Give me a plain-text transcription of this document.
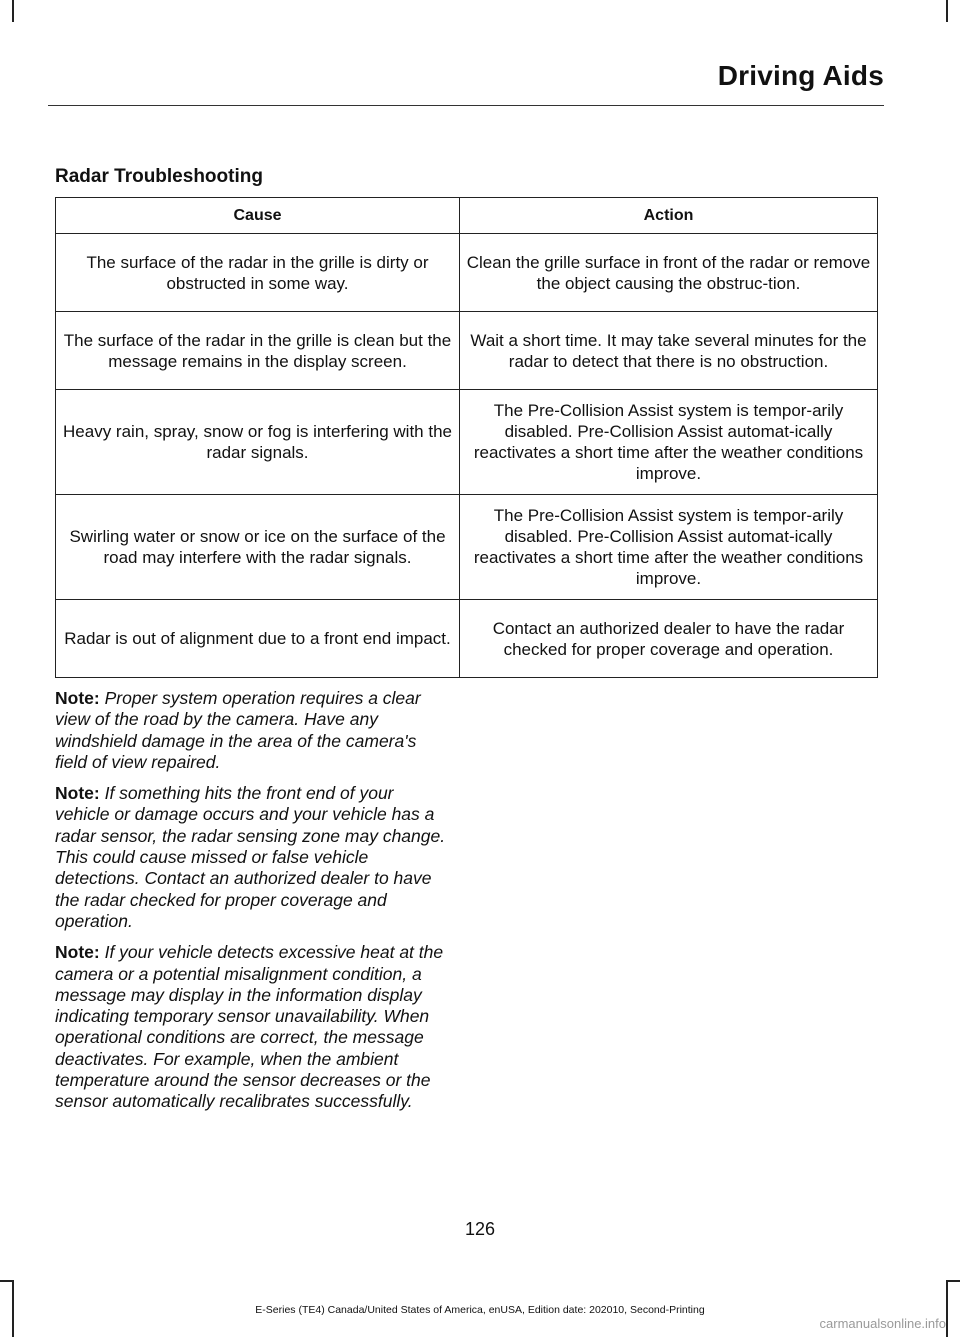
Driving Aids
Radar Troubleshooting
Cause	Action
The surface of the radar in the grille is dirty or obstructed in some way.	Clean the grille surface in front of the radar or remove the object causing the obstruc-tion.
The surface of the radar in the grille is clean but the message remains in the display screen.	Wait a short time. It may take several minutes for the radar to detect that there is no obstruction.
Heavy rain, spray, snow or fog is interfering with the radar signals.	The Pre-Collision Assist system is tempor-arily disabled. Pre-Collision Assist automat-ically reactivates a short time after the weather conditions improve.
Swirling water or snow or ice on the surface of the road may interfere with the radar signals.	The Pre-Collision Assist system is tempor-arily disabled. Pre-Collision Assist automat-ically reactivates a short time after the weather conditions improve.
Radar is out of alignment due to a front end impact.	Contact an authorized dealer to have the radar checked for proper coverage and operation.

Note: Proper system operation requires a clear view of the road by the camera. Have any windshield damage in the area of the camera's field of view repaired.

Note: If something hits the front end of your vehicle or damage occurs and your vehicle has a radar sensor, the radar sensing zone may change. This could cause missed or false vehicle detections. Contact an authorized dealer to have the radar checked for proper coverage and operation.

Note: If your vehicle detects excessive heat at the camera or a potential misalignment condition, a message may display in the information display indicating temporary sensor unavailability. When operational conditions are correct, the message deactivates. For example, when the ambient temperature around the sensor decreases or the sensor automatically recalibrates successfully.

126
E-Series (TE4) Canada/United States of America, enUSA, Edition date: 202010, Second-Printing
carmanualsonline.info
